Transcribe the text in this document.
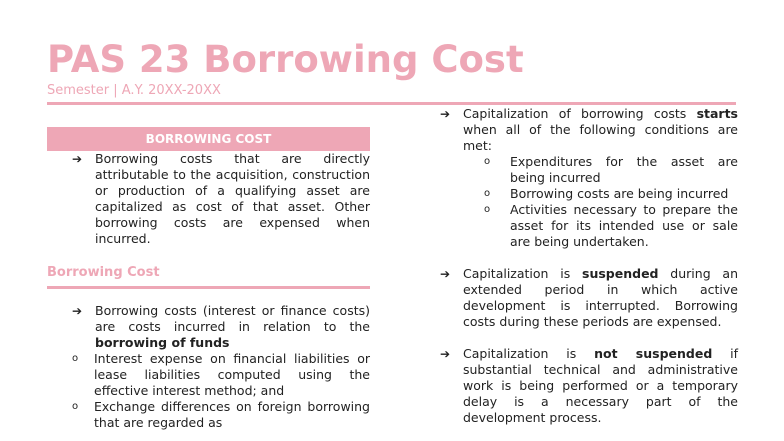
PAS 23 Borrowing Cost
Semester | A.Y. 20XX-20XX
BORROWING COST
➔ Borrowing costs that are directly attributable to the acquisition, construction or production of a qualifying asset are capitalized as cost of that asset. Other borrowing costs are expensed when incurred.
Borrowing Cost
➔ Borrowing costs (interest or finance costs) are costs incurred in relation to the borrowing of funds
o Interest expense on financial liabilities or lease liabilities computed using the effective interest method; and
o Exchange differences on foreign borrowing that are regarded as
➔ Capitalization of borrowing costs starts when all of the following conditions are met:
o Expenditures for the asset are being incurred
o Borrowing costs are being incurred
o Activities necessary to prepare the asset for its intended use or sale are being undertaken.
➔ Capitalization is suspended during an extended period in which active development is interrupted. Borrowing costs during these periods are expensed.
➔ Capitalization is not suspended if substantial technical and administrative work is being performed or a temporary delay is a necessary part of the development process.
